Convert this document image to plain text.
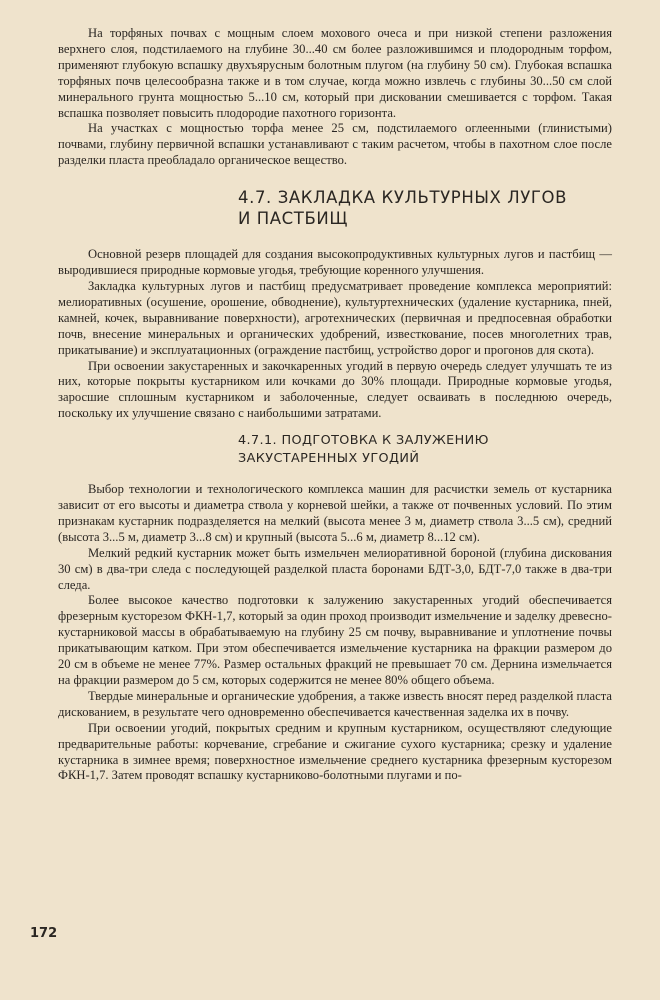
На торфяных почвах с мощным слоем мохового очеса и при низкой степени разложения верхнего слоя, подстилаемого на глубине 30...40 см более разложившимся и плодородным торфом, применяют глубокую вспашку двухъярусным болотным плугом (на глубину 50 см). Глубокая вспашка торфяных почв целесообразна также и в том случае, когда можно извлечь с глубины 30...50 см слой минерального грунта мощностью 5...10 см, который при дисковании смешивается с торфом. Такая вспашка позволяет повысить плодородие пахотного горизонта.

На участках с мощностью торфа менее 25 см, подстилаемого оглеенными (глинистыми) почвами, глубину первичной вспашки устанавливают с таким расчетом, чтобы в пахотном слое после разделки пласта преобладало органическое вещество.

4.7. ЗАКЛАДКА КУЛЬТУРНЫХ ЛУГОВ
И ПАСТБИЩ

Основной резерв площадей для создания высокопродуктивных культурных лугов и пастбищ — выродившиеся природные кормовые угодья, требующие коренного улучшения.

Закладка культурных лугов и пастбищ предусматривает проведение комплекса мероприятий: мелиоративных (осушение, орошение, обводнение), культуртехнических (удаление кустарника, пней, камней, кочек, выравнивание поверхности), агротехнических (первичная и предпосевная обработки почв, внесение минеральных и органических удобрений, известкование, посев многолетних трав, прикатывание) и эксплуатационных (ограждение пастбищ, устройство дорог и прогонов для скота).

При освоении закустаренных и закочкаренных угодий в первую очередь следует улучшать те из них, которые покрыты кустарником или кочками до 30% площади. Природные кормовые угодья, заросшие сплошным кустарником и заболоченные, следует осваивать в последнюю очередь, поскольку их улучшение связано с наибольшими затратами.

4.7.1. ПОДГОТОВКА К ЗАЛУЖЕНИЮ
ЗАКУСТАРЕННЫХ УГОДИЙ

Выбор технологии и технологического комплекса машин для расчистки земель от кустарника зависит от его высоты и диаметра ствола у корневой шейки, а также от почвенных условий. По этим признакам кустарник подразделяется на мелкий (высота менее 3 м, диаметр ствола 3...5 см), средний (высота 3...5 м, диаметр 3...8 см) и крупный (высота 5...6 м, диаметр 8...12 см).

Мелкий редкий кустарник может быть измельчен мелиоративной бороной (глубина дискования 30 см) в два-три следа с последующей разделкой пласта боронами БДТ-3,0, БДТ-7,0 также в два-три следа.

Более высокое качество подготовки к залужению закустаренных угодий обеспечивается фрезерным кусторезом ФКН-1,7, который за один проход производит измельчение и заделку древесно-кустарниковой массы в обрабатываемую на глубину 25 см почву, выравнивание и уплотнение почвы прикатывающим катком. При этом обеспечивается измельчение кустарника на фракции размером до 20 см в объеме не менее 77%. Размер остальных фракций не превышает 70 см. Дернина измельчается на фракции размером до 5 см, которых содержится не менее 80% общего объема.

Твердые минеральные и органические удобрения, а также известь вносят перед разделкой пласта дискованием, в результате чего одновременно обеспечивается качественная заделка их в почву.

При освоении угодий, покрытых средним и крупным кустарником, осуществляют следующие предварительные работы: корчевание, сгребание и сжигание сухого кустарника; срезку и удаление кустарника в зимнее время; поверхностное измельчение среднего кустарника фрезерным кусторезом ФКН-1,7. Затем проводят вспашку кустарниково-болотными плугами и по-

172
